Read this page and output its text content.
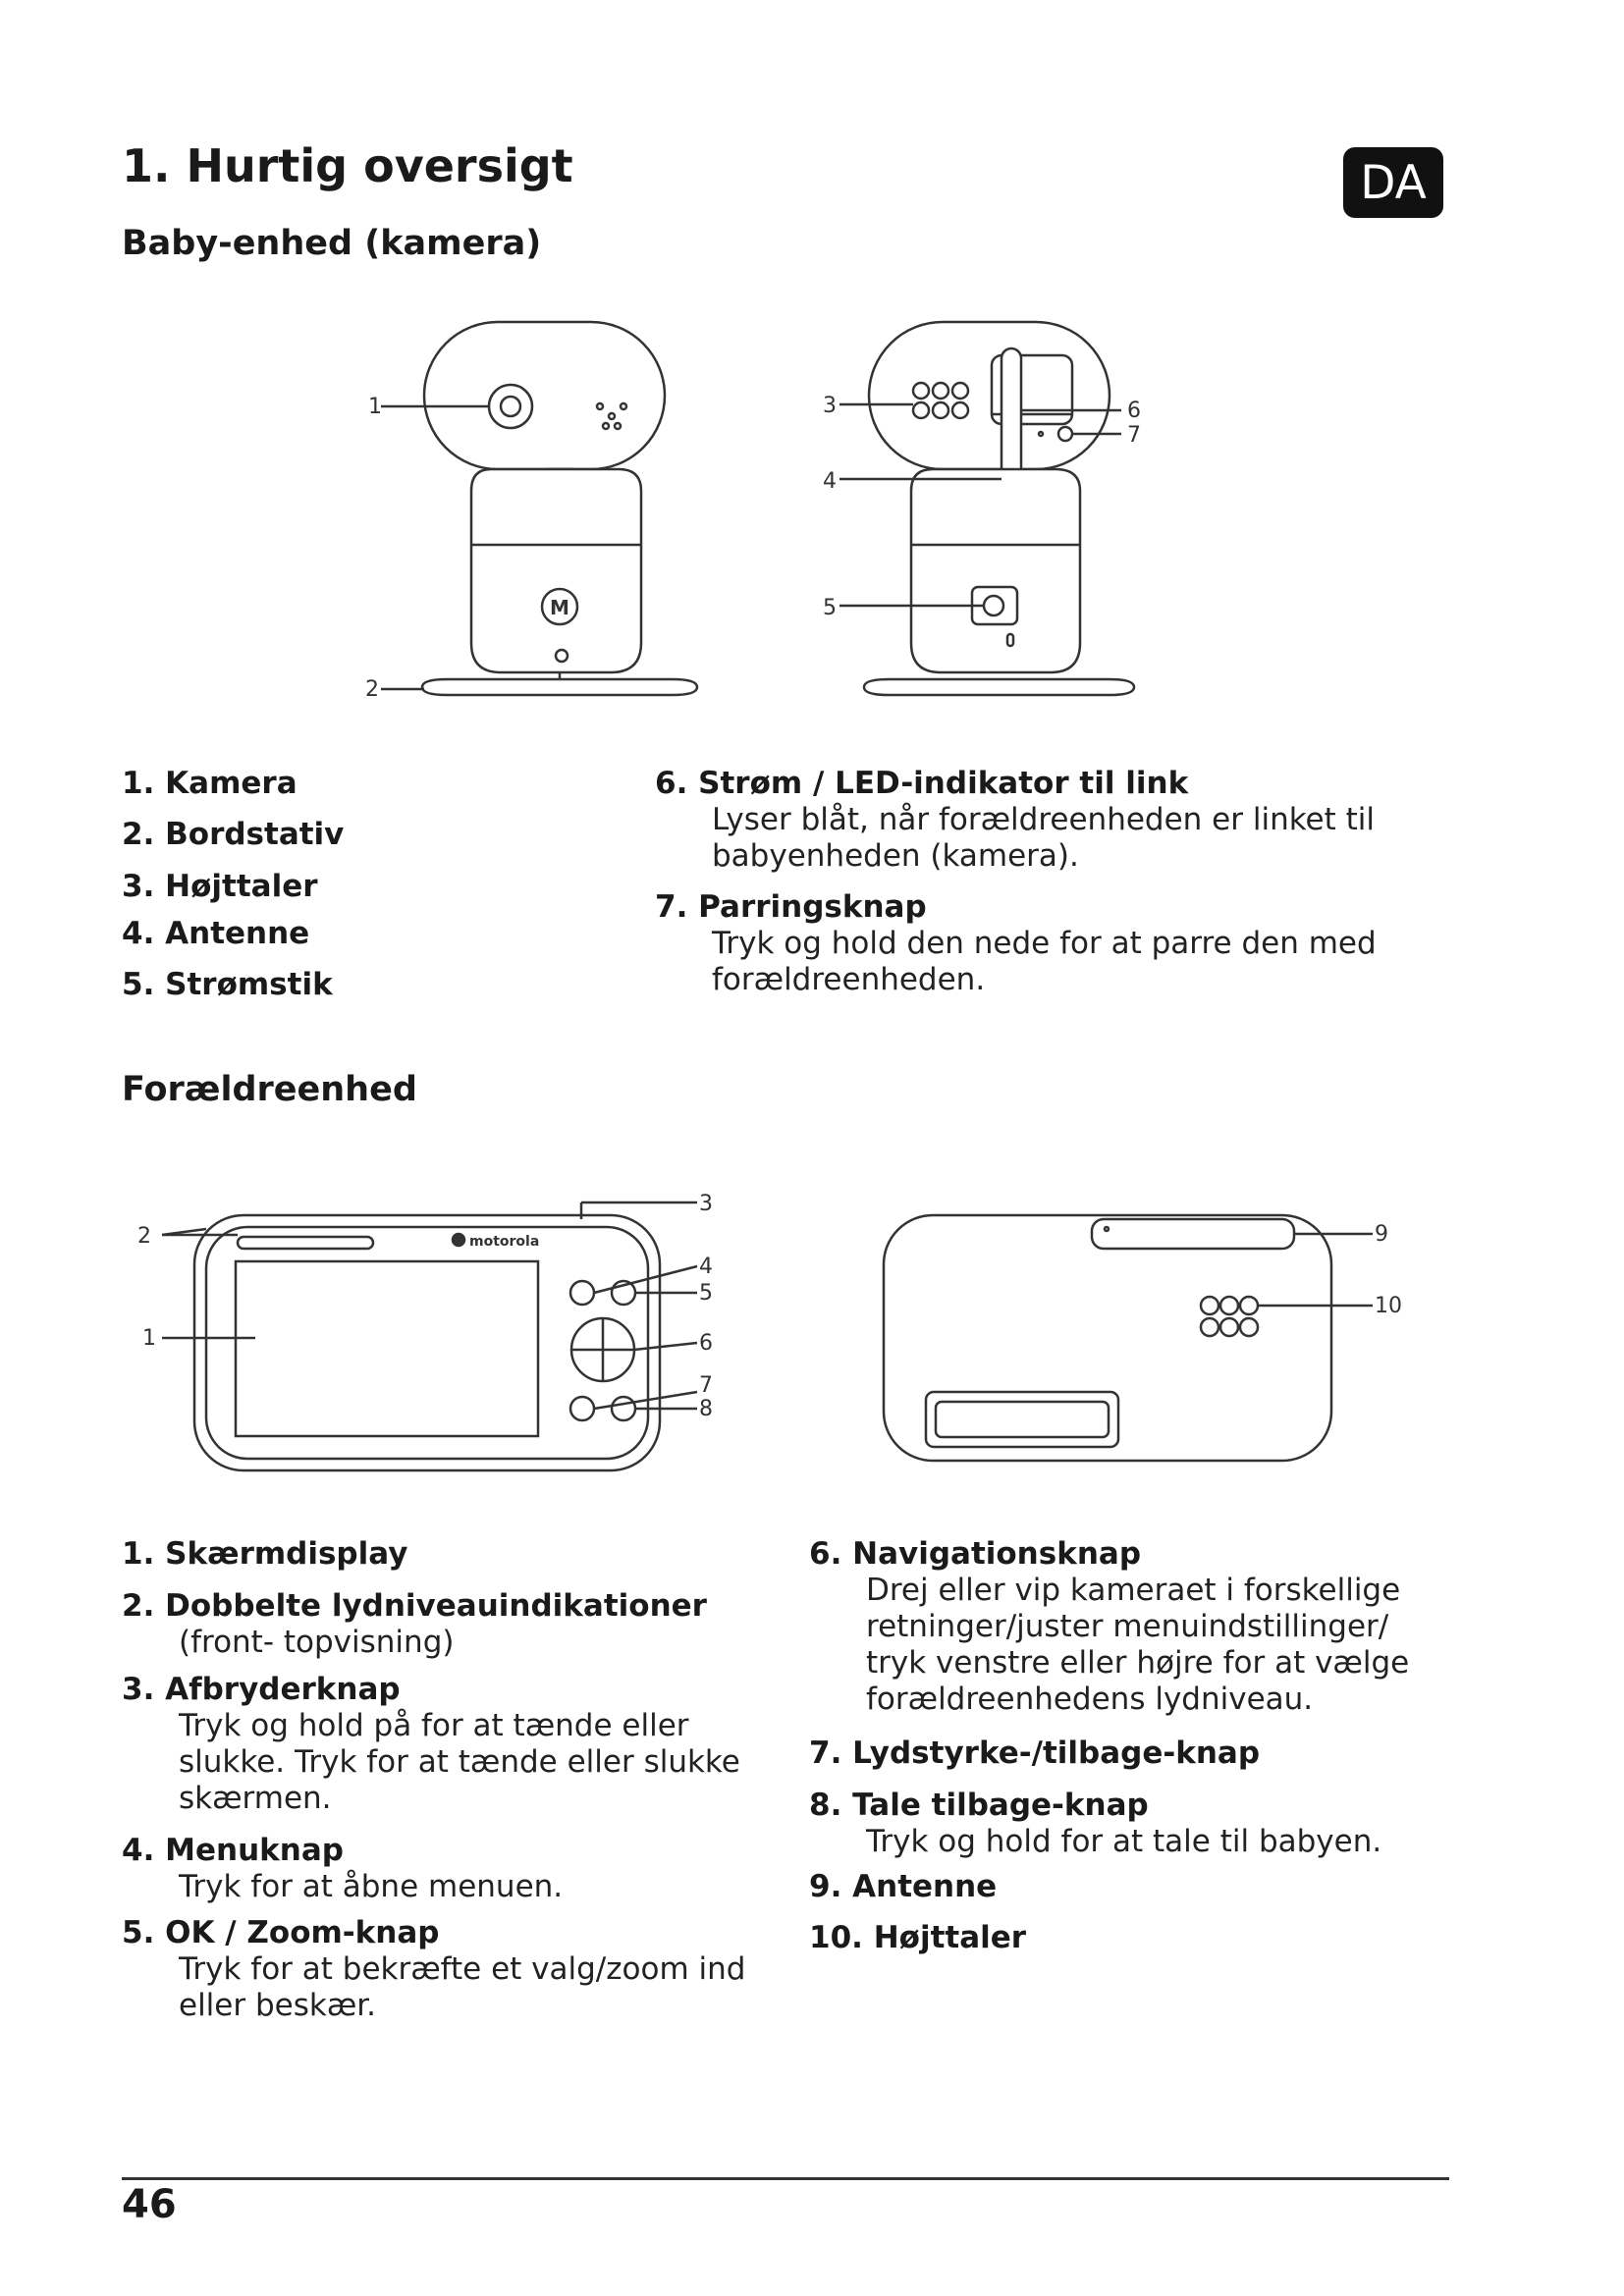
1. Hurtig oversigt	DA
Baby-enhed (kamera)
M
1
2
3
4
5
6
7
1. Kamera
2. Bordstativ
3. Højttaler
4. Antenne
5. Strømstik
6. Strøm / LED-indikator til link
Lyser blåt, når forældreenheden er linket til babyenheden (kamera).
7. Parringsknap
Tryk og hold den nede for at parre den med forældreenheden.
Forældreenhed
motorola
1
2
3
4
5
6
7
8
9
10
1. Skærmdisplay
2. Dobbelte lydniveauindikationer
(front- topvisning)
3. Afbryderknap
Tryk og hold på for at tænde eller slukke. Tryk for at tænde eller slukke skærmen.
4. Menuknap
Tryk for at åbne menuen.
5. OK / Zoom-knap
Tryk for at bekræfte et valg/zoom ind eller beskær.
6. Navigationsknap
Drej eller vip kameraet i forskellige retninger/juster menuindstillinger/ tryk venstre eller højre for at vælge forældreenhedens lydniveau.
7. Lydstyrke-/tilbage-knap
8. Tale tilbage-knap
Tryk og hold for at tale til babyen.
9. Antenne
10. Højttaler
46
